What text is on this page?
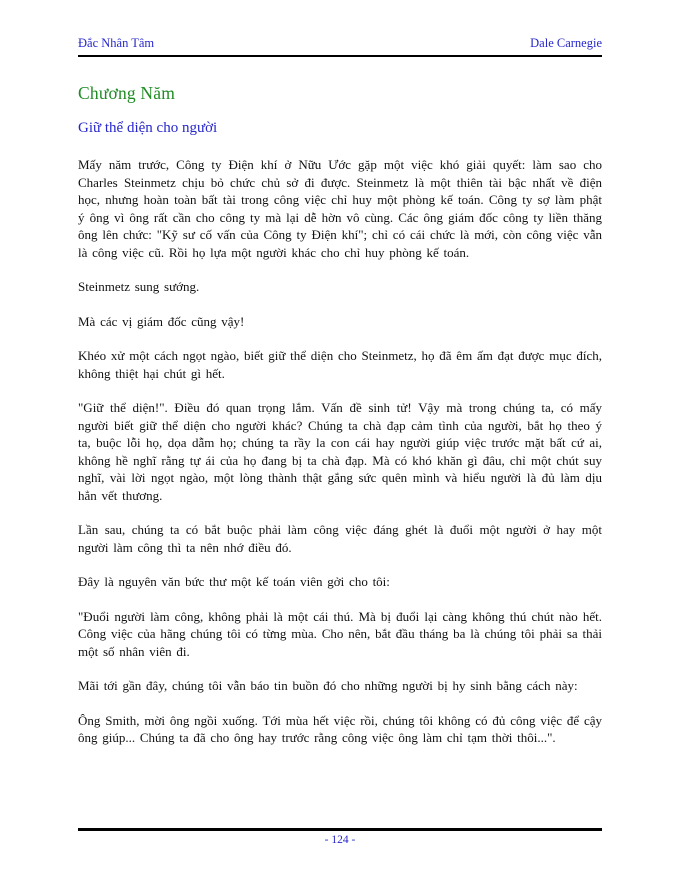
Đắc Nhân Tâm	Dale Carnegie
Chương Năm
Giữ thể diện cho người

Mấy năm trước, Công ty Điện khí ở Nữu Ước gặp một việc khó giải quyết: làm sao cho Charles Steinmetz chịu bỏ chức chủ sở đi được. Steinmetz là một thiên tài bậc nhất về điện học, nhưng hoàn toàn bất tài trong công việc chỉ huy một phòng kế toán. Công ty sợ làm phật ý ông vì ông rất cần cho công ty mà lại dễ hờn vô cùng. Các ông giám đốc công ty liền thăng ông lên chức: "Kỹ sư cố vấn của Công ty Điện khí"; chỉ có cái chức là mới, còn công việc vẫn là công việc cũ. Rồi họ lựa một người khác cho chỉ huy phòng kế toán.

Steinmetz sung sướng.

Mà các vị giám đốc cũng vậy!

Khéo xử một cách ngọt ngào, biết giữ thể diện cho Steinmetz, họ đã êm ấm đạt được mục đích, không thiệt hại chút gì hết.

"Giữ thể diện!". Điều đó quan trọng lắm. Vấn đề sinh tử! Vậy mà trong chúng ta, có mấy người biết giữ thể diện cho người khác? Chúng ta chà đạp cảm tình của người, bắt họ theo ý ta, buộc lỗi họ, dọa dẫm họ; chúng ta rầy la con cái hay người giúp việc trước mặt bất cứ ai, không hề nghĩ rằng tự ái của họ đang bị ta chà đạp. Mà có khó khăn gì đâu, chỉ một chút suy nghĩ, vài lời ngọt ngào, một lòng thành thật gắng sức quên mình và hiểu người là đủ làm dịu hẳn vết thương.

Lần sau, chúng ta có bắt buộc phải làm công việc đáng ghét là đuổi một người ở hay một người làm công thì ta nên nhớ điều đó.

Đây là nguyên văn bức thư một kế toán viên gởi cho tôi:

"Đuổi người làm công, không phải là một cái thú. Mà bị đuổi lại càng không thú chút nào hết. Công việc của hãng chúng tôi có từng mùa. Cho nên, bắt đầu tháng ba là chúng tôi phải sa thải một số nhân viên đi.

Mãi tới gần đây, chúng tôi vẫn báo tin buồn đó cho những người bị hy sinh bằng cách này:

Ông Smith, mời ông ngồi xuống. Tới mùa hết việc rồi, chúng tôi không có đủ công việc để cậy ông giúp... Chúng ta đã cho ông hay trước rằng công việc ông làm chỉ tạm thời thôi...".

- 124 -
